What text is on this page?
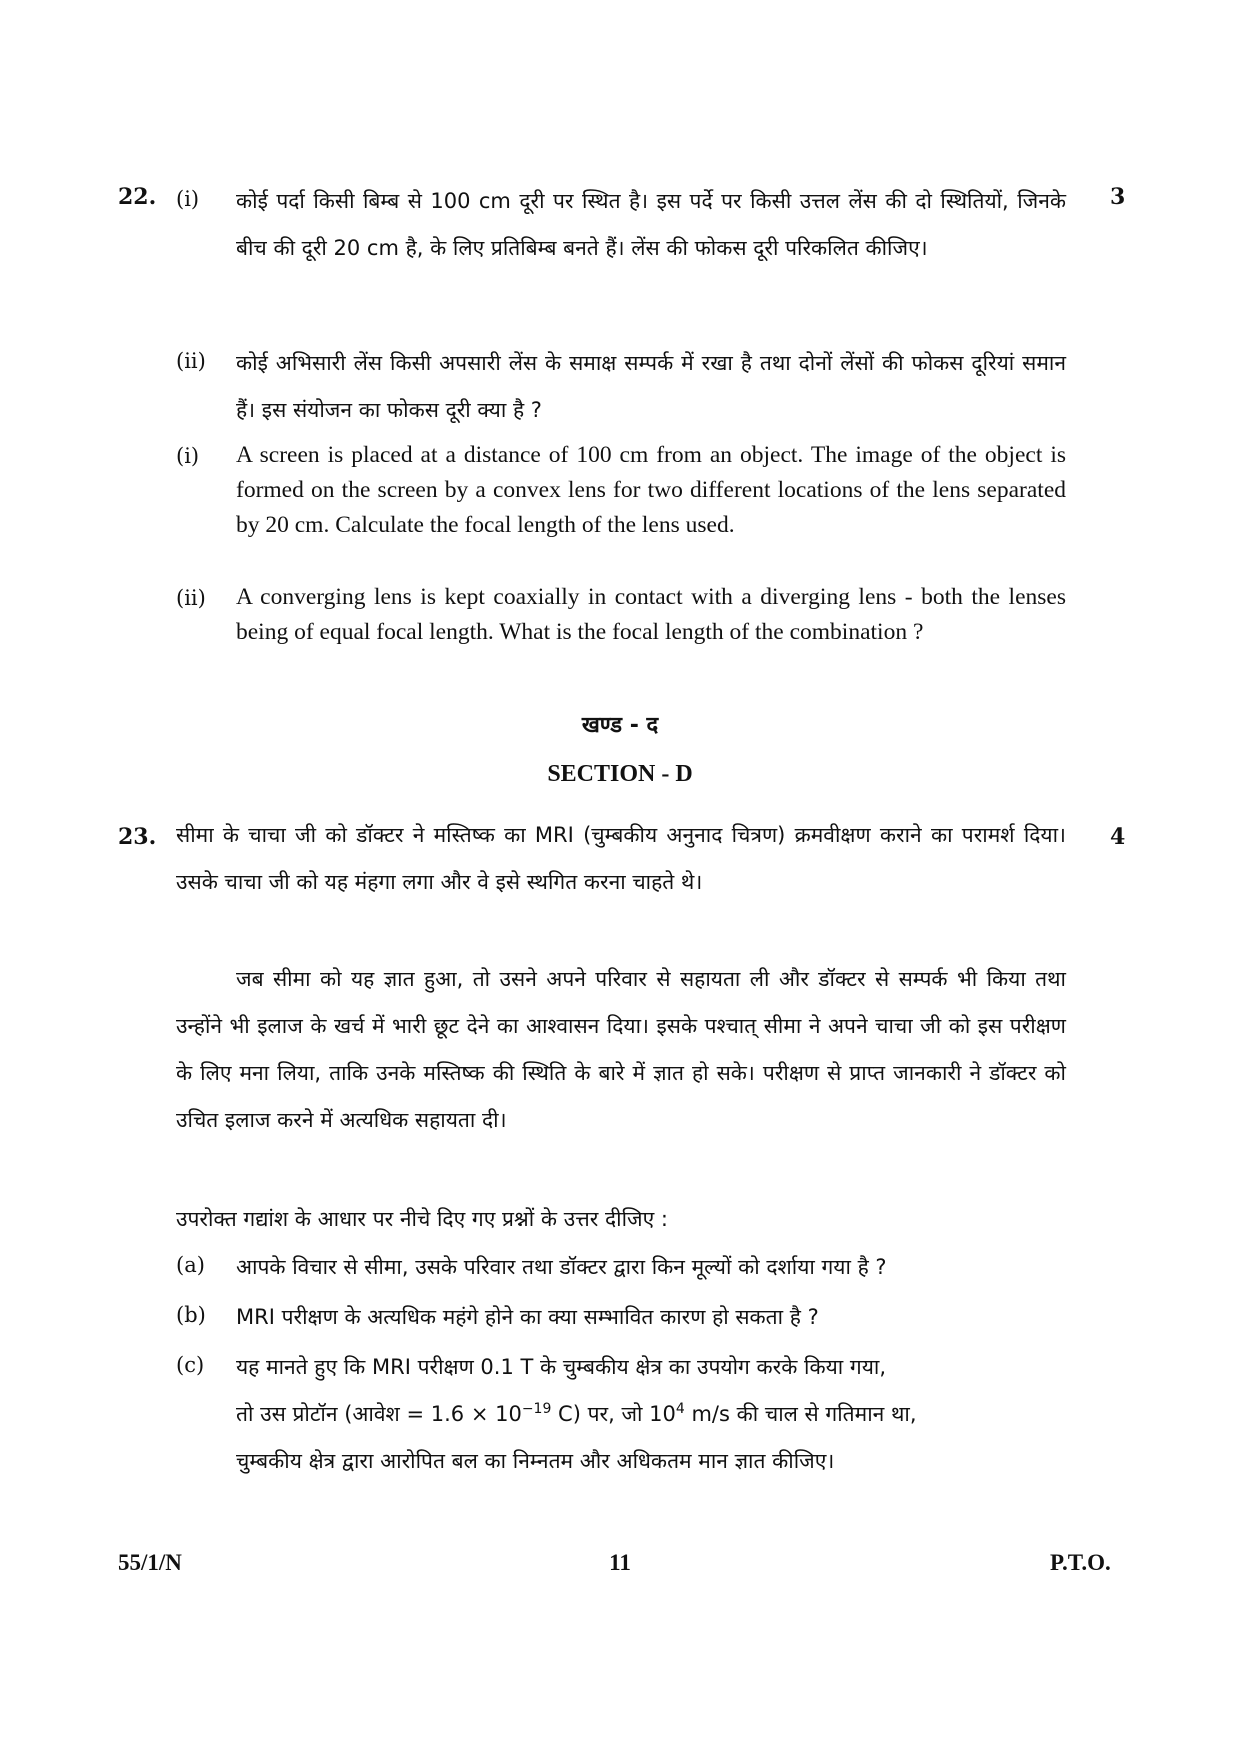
22.	3
(i)	कोई पर्दा किसी बिम्ब से 100 cm दूरी पर स्थित है। इस पर्दे पर किसी उत्तल लेंस की दो स्थितियों, जिनके बीच की दूरी 20 cm है, के लिए प्रतिबिम्ब बनते हैं। लेंस की फोकस दूरी परिकलित कीजिए।
(ii)	कोई अभिसारी लेंस किसी अपसारी लेंस के समाक्ष सम्पर्क में रखा है तथा दोनों लेंसों की फोकस दूरियां समान हैं। इस संयोजन का फोकस दूरी क्या है ?
(i)	A screen is placed at a distance of 100 cm from an object. The image of the object is formed on the screen by a convex lens for two different locations of the lens separated by 20 cm. Calculate the focal length of the lens used.
(ii)	A converging lens is kept coaxially in contact with a diverging lens - both the lenses being of equal focal length. What is the focal length of the combination ?
खण्ड - द
SECTION - D
23.	4
सीमा के चाचा जी को डॉक्टर ने मस्तिष्क का MRI (चुम्बकीय अनुनाद चित्रण) क्रमवीक्षण कराने का परामर्श दिया। उसके चाचा जी को यह मंहगा लगा और वे इसे स्थगित करना चाहते थे।
जब सीमा को यह ज्ञात हुआ, तो उसने अपने परिवार से सहायता ली और डॉक्टर से सम्पर्क भी किया तथा उन्होंने भी इलाज के खर्च में भारी छूट देने का आश्वासन दिया। इसके पश्चात् सीमा ने अपने चाचा जी को इस परीक्षण के लिए मना लिया, ताकि उनके मस्तिष्क की स्थिति के बारे में ज्ञात हो सके। परीक्षण से प्राप्त जानकारी ने डॉक्टर को उचित इलाज करने में अत्यधिक सहायता दी।
उपरोक्त गद्यांश के आधार पर नीचे दिए गए प्रश्नों के उत्तर दीजिए :
(a)	आपके विचार से सीमा, उसके परिवार तथा डॉक्टर द्वारा किन मूल्यों को दर्शाया गया है ?
(b)	MRI परीक्षण के अत्यधिक महंगे होने का क्या सम्भावित कारण हो सकता है ?
(c)	यह मानते हुए कि MRI परीक्षण 0.1 T के चुम्बकीय क्षेत्र का उपयोग करके किया गया,
तो उस प्रोटॉन (आवेश = $1.6 \times 10^{-19}$ C) पर, जो $10^4$ m/s की चाल से गतिमान था,
चुम्बकीय क्षेत्र द्वारा आरोपित बल का निम्नतम और अधिकतम मान ज्ञात कीजिए।
55/1/N	11	P.T.O.
